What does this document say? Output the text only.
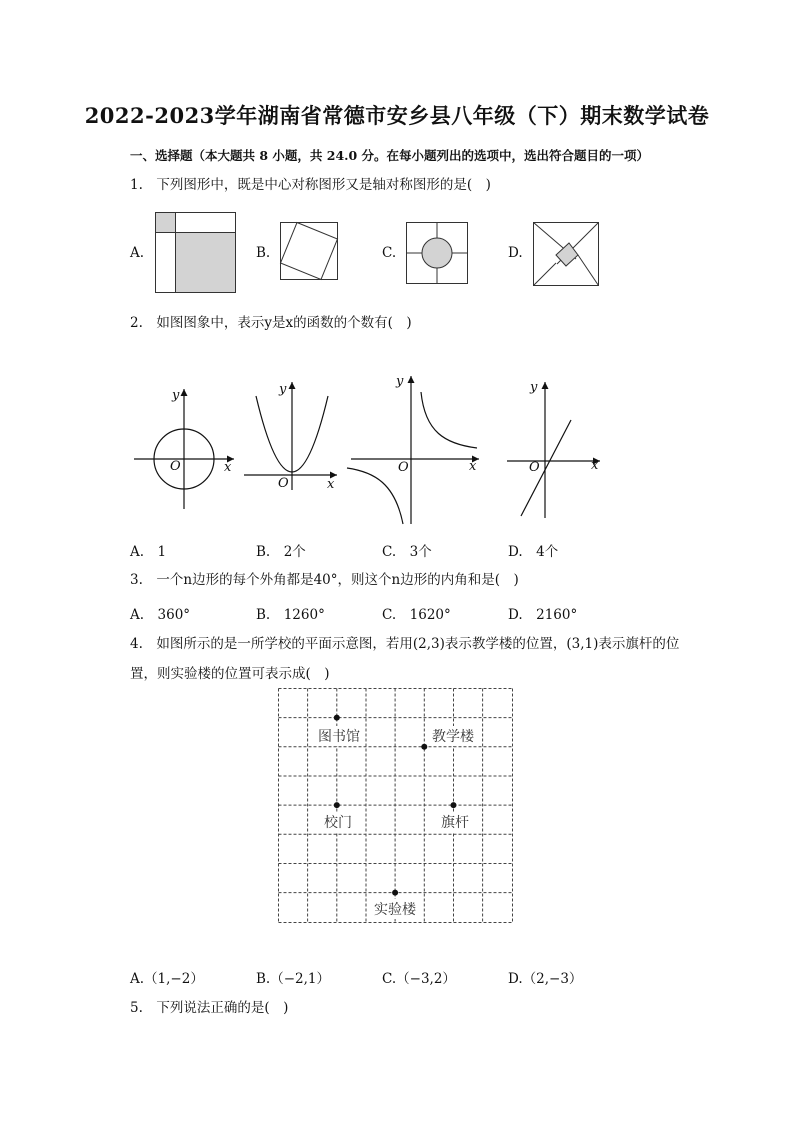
2022-2023学年湖南省常德市安乡县八年级（下）期末数学试卷
一、选择题（本大题共 8 小题，共 24.0 分。在每小题列出的选项中，选出符合题目的一项）
1.　下列图形中，既是中心对称图形又是轴对称图形的是(　)
A.	B.	C.	D.
2.　如图图象中，表示y是x的函数的个数有(　)
y
x
O
y
x
O
y
x
O
y
x
O
A.　1	B.　2个	C.　3个	D.　4个
3.　一个n边形的每个外角都是40°，则这个n边形的内角和是(　)
A.　360°	B.　1260°	C.　1620°	D.　2160°
4.　如图所示的是一所学校的平面示意图，若用(2,3)表示教学楼的位置，(3,1)表示旗杆的位
置，则实验楼的位置可表示成(　)
图书馆	教学楼
校门	旗杆
实验楼
A.（1,−2）	B.（−2,1）	C.（−3,2）	D.（2,−3）
5.　下列说法正确的是(　)
